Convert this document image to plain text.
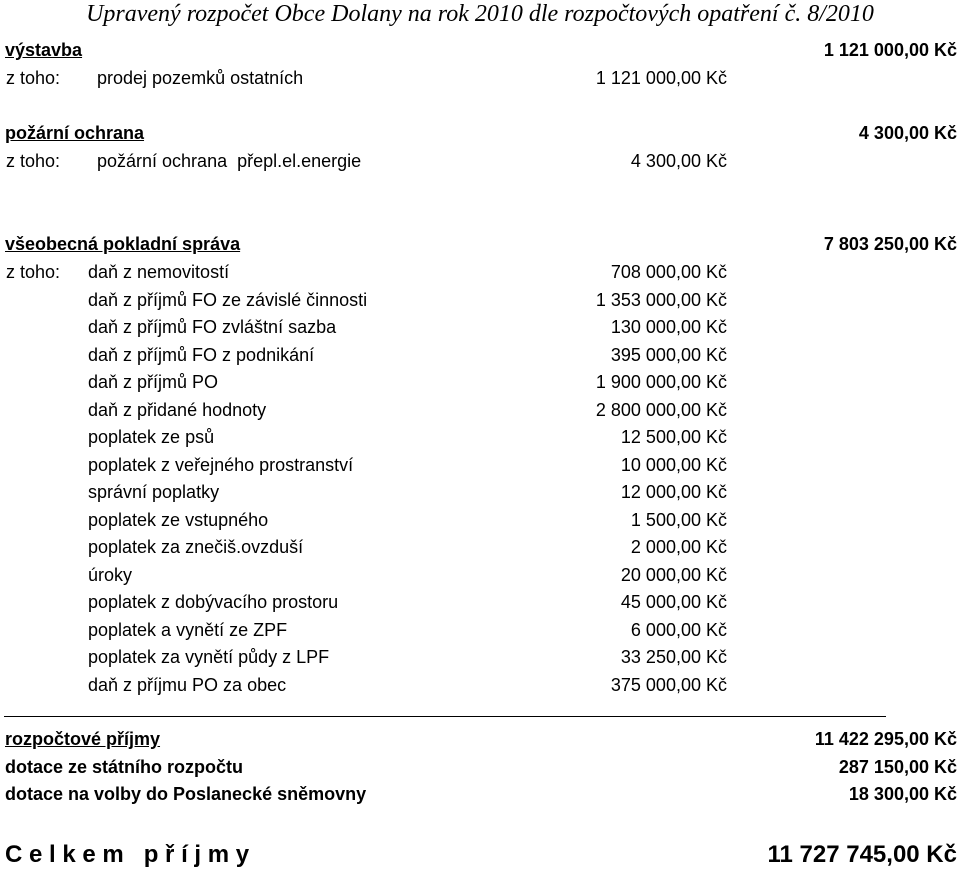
Upravený rozpočet Obce Dolany na rok 2010 dle rozpočtových opatření č. 8/2010
výstavba	1 121 000,00 Kč
z toho: prodej pozemků ostatních	1 121 000,00 Kč
požární ochrana	4 300,00 Kč
z toho: požární ochrana  přepl.el.energie	4 300,00 Kč
všeobecná pokladní správa	7 803 250,00 Kč
z toho: daň z nemovitostí	708 000,00 Kč
daň z příjmů FO ze závislé činnosti	1 353 000,00 Kč
daň z příjmů FO zvláštní sazba	130 000,00 Kč
daň z příjmů FO z podnikání	395 000,00 Kč
daň z příjmů PO	1 900 000,00 Kč
daň z přidané hodnoty	2 800 000,00 Kč
poplatek ze psů	12 500,00 Kč
poplatek z veřejného prostranství	10 000,00 Kč
správní poplatky	12 000,00 Kč
poplatek ze vstupného	1 500,00 Kč
poplatek za znečiš.ovzduší	2 000,00 Kč
úroky	20 000,00 Kč
poplatek z dobývacího prostoru	45 000,00 Kč
poplatek a vynětí ze ZPF	6 000,00 Kč
poplatek za vynětí půdy z LPF	33 250,00 Kč
daň z příjmu PO za obec	375 000,00 Kč
rozpočtové příjmy	11 422 295,00 Kč
dotace ze státního rozpočtu	287 150,00 Kč
dotace na volby do Poslanecké sněmovny	18 300,00 Kč
C e l k e m   p ř í j m y	11 727 745,00 Kč
